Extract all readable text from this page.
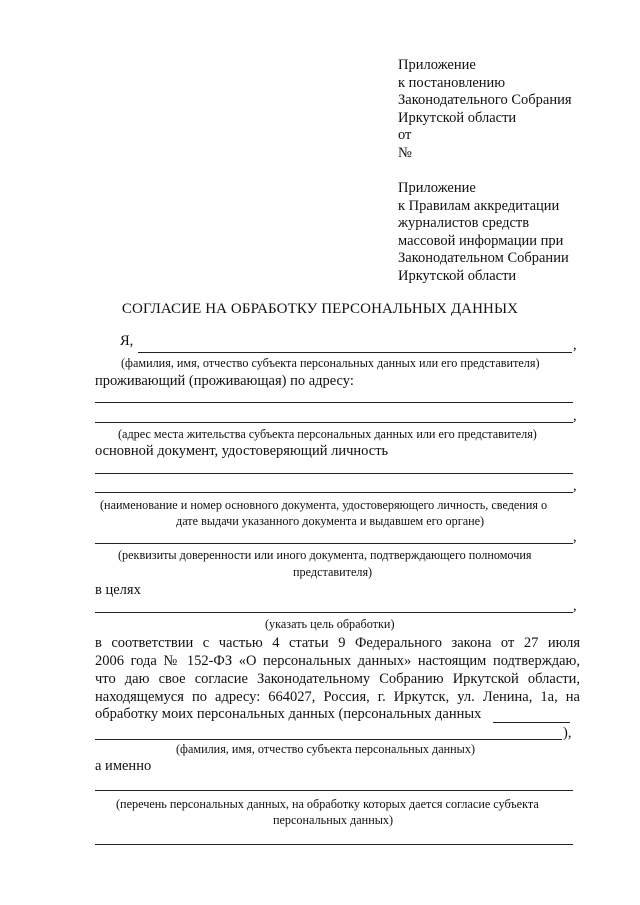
Приложение
к постановлению
Законодательного Собрания
Иркутской области
от
№
Приложение
к Правилам аккредитации
журналистов средств
массовой информации при
Законодательном Собрании
Иркутской области
СОГЛАСИЕ НА ОБРАБОТКУ ПЕРСОНАЛЬНЫХ ДАННЫХ
Я,	,
(фамилия, имя, отчество субъекта персональных данных или его представителя)
проживающий (проживающая) по адресу:
,
(адрес места жительства субъекта персональных данных или его представителя)
основной документ, удостоверяющий личность
,
(наименование и номер основного документа, удостоверяющего личность, сведения о
дате выдачи указанного документа и выдавшем его органе)
,
(реквизиты доверенности или иного документа, подтверждающего полномочия
представителя)
в целях
,
(указать цель обработки)
в соответствии с частью 4 статьи 9 Федерального закона от 27 июля
2006 года № 152-ФЗ «О персональных данных» настоящим подтверждаю,
что даю свое согласие Законодательному Собранию Иркутской области,
находящемуся по адресу: 664027, Россия, г. Иркутск, ул. Ленина, 1а, на
обработку моих персональных данных (персональных данных
),
(фамилия, имя, отчество субъекта персональных данных)
а именно
(перечень персональных данных, на обработку которых дается согласие субъекта
персональных данных)
